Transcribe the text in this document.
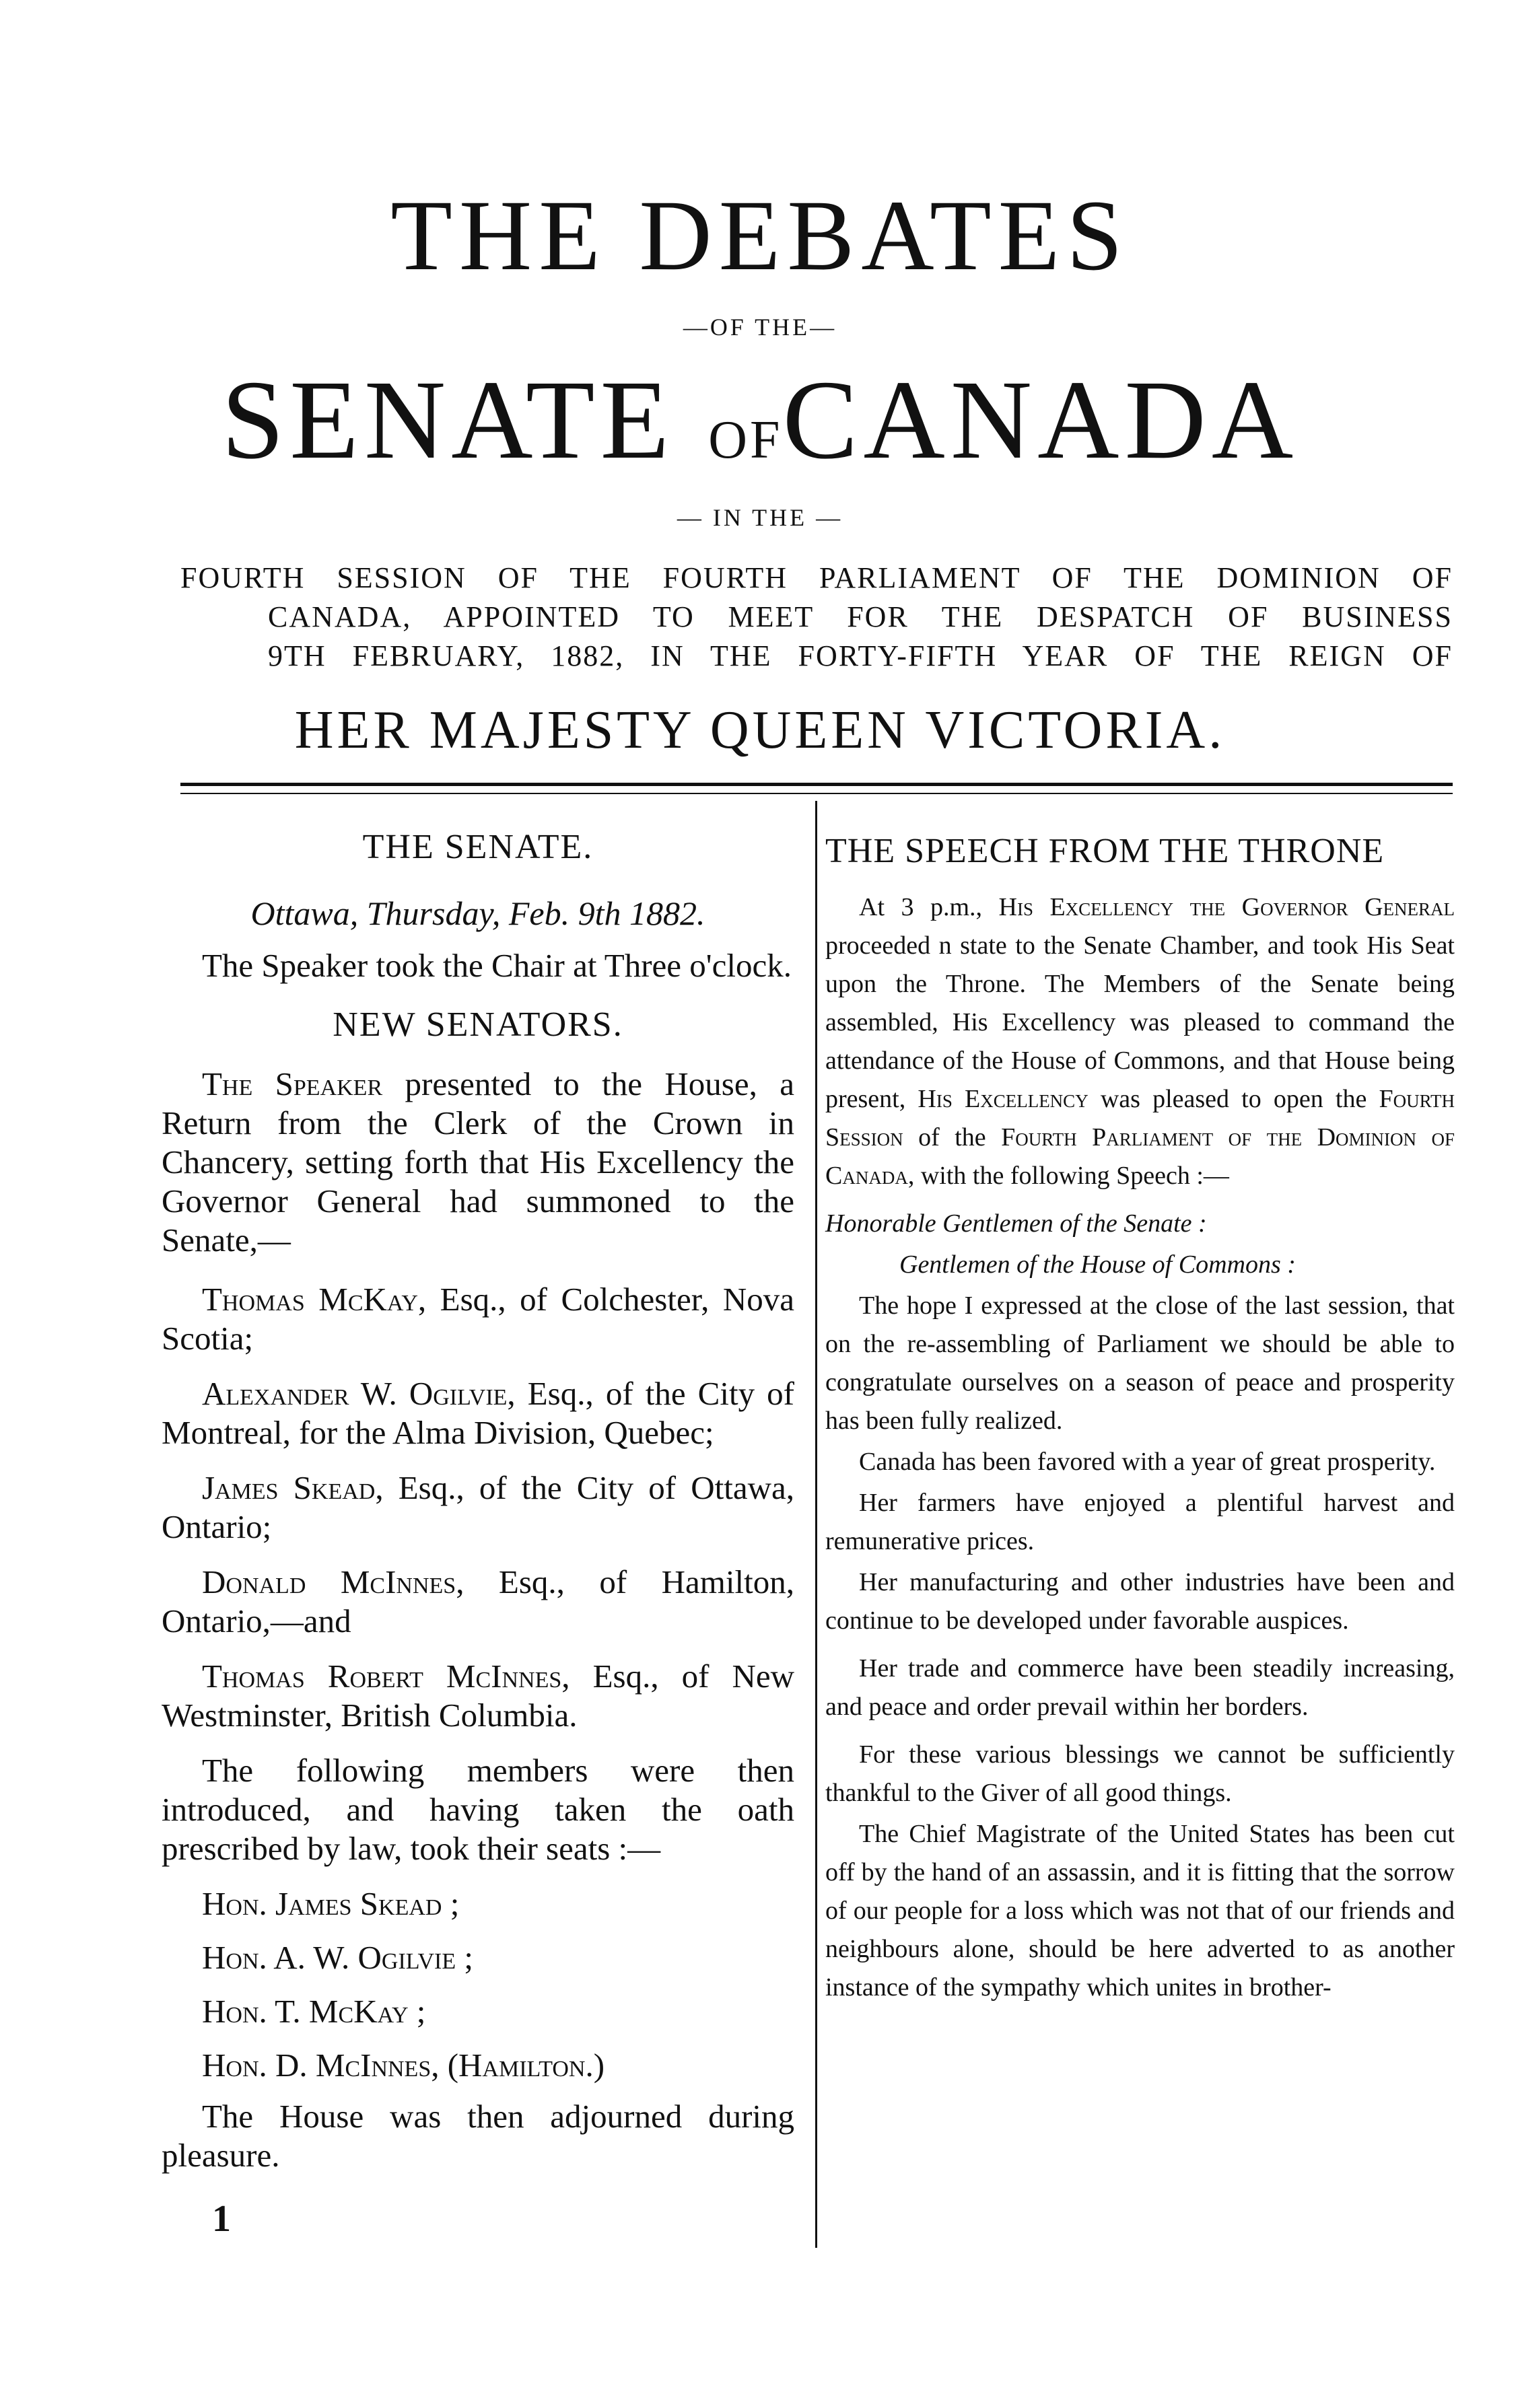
THE DEBATES
—OF THE—
SENATE OFCANADA
— IN THE —
FOURTH SESSION OF THE FOURTH PARLIAMENT OF THE DOMINION OF
CANADA, APPOINTED TO MEET FOR THE DESPATCH OF BUSINESS
9TH FEBRUARY, 1882, IN THE FORTY-FIFTH YEAR OF THE REIGN OF
HER MAJESTY QUEEN VICTORIA.

THE SENATE.

Ottawa, Thursday, Feb. 9th 1882.

The Speaker took the Chair at Three o'clock.

NEW SENATORS.

The Speaker presented to the House, a Return from the Clerk of the Crown in Chancery, setting forth that His Excellency the Governor General had summoned to the Senate,—

Thomas McKay, Esq., of Colchester, Nova Scotia;

Alexander W. Ogilvie, Esq., of the City of Montreal, for the Alma Division, Quebec;

James Skead, Esq., of the City of Ottawa, Ontario;

Donald McInnes, Esq., of Hamilton, Ontario,—and

Thomas Robert McInnes, Esq., of New Westminster, British Columbia.

The following members were then introduced, and having taken the oath prescribed by law, took their seats :—

Hon. James Skead ;

Hon. A. W. Ogilvie ;

Hon. T. McKay ;

Hon. D. McInnes, (Hamilton.)

The House was then adjourned during pleasure.

1

THE SPEECH FROM THE THRONE

At 3 p.m., His Excellency the Governor General proceeded n state to the Senate Chamber, and took His Seat upon the Throne. The Members of the Senate being assembled, His Excellency was pleased to command the attendance of the House of Commons, and that House being present, His Excellency was pleased to open the Fourth Session of the Fourth Parliament of the Dominion of Canada, with the following Speech :—

Honorable Gentlemen of the Senate :

Gentlemen of the House of Commons :

The hope I expressed at the close of the last session, that on the re-assembling of Parliament we should be able to congratulate ourselves on a season of peace and prosperity has been fully realized.

Canada has been favored with a year of great prosperity.

Her farmers have enjoyed a plentiful harvest and remunerative prices.

Her manufacturing and other industries have been and continue to be developed under favorable auspices.

Her trade and commerce have been steadily increasing, and peace and order prevail within her borders.

For these various blessings we cannot be sufficiently thankful to the Giver of all good things.

The Chief Magistrate of the United States has been cut off by the hand of an assassin, and it is fitting that the sorrow of our people for a loss which was not that of our friends and neighbours alone, should be here adverted to as another instance of the sympathy which unites in brother-
